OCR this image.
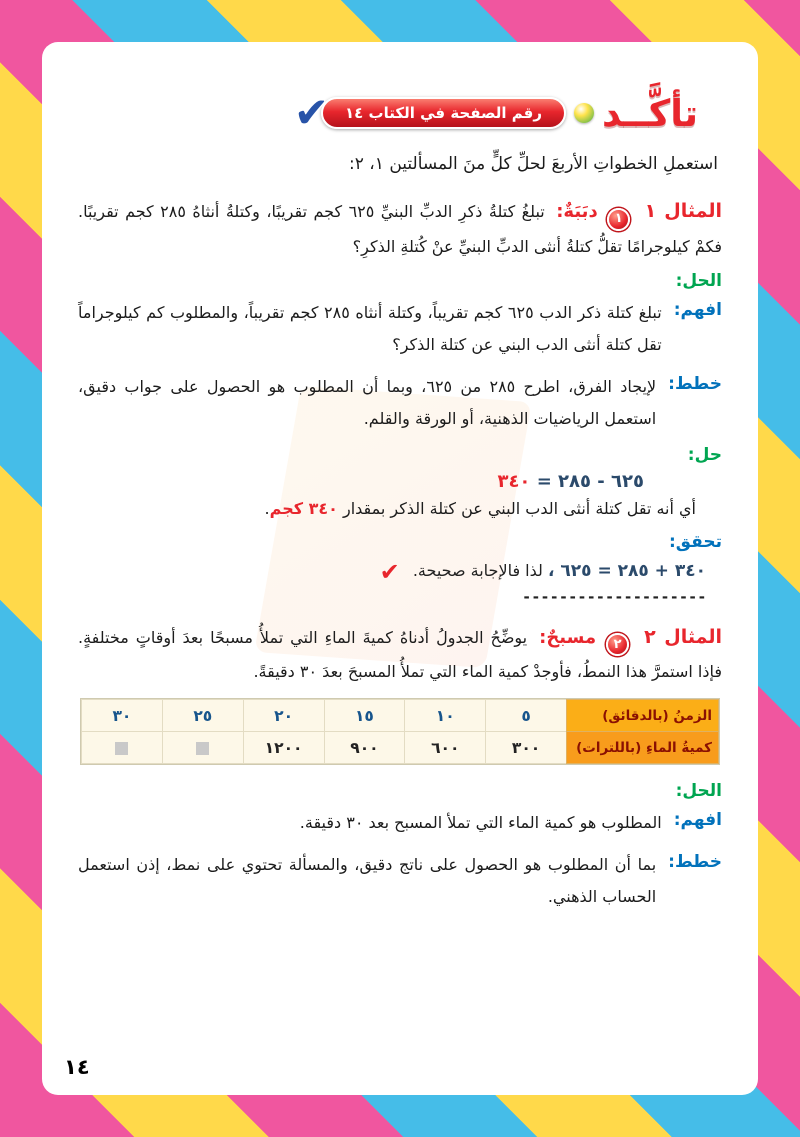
تأكَّــد
رقم الصفحة في الكتاب ١٤
✔

استعملِ الخطواتِ الأربعَ لحلِّ كلٍّ منَ المسألتين ١، ٢:

المثال ١ ١ دبَبَةٌ: تبلغُ كتلةُ ذكرِ الدبِّ البنيِّ ٦٢٥ كجم تقريبًا، وكتلةُ أنثاهُ ٢٨٥ كجم تقريبًا. فكمْ كيلوجرامًا تقلُّ كتلةُ أنثى الدبِّ البنيِّ عنْ كُتلةِ الذكرِ؟

الحل:
افهم:

تبلغ كتلة ذكر الدب ٦٢٥ كجم تقريباً، وكتلة أنثاه ٢٨٥ كجم تقريباً، والمطلوب كم كيلوجراماً تقل كتلة أنثى الدب البني عن كتلة الذكر؟

خطط:

لإيجاد الفرق، اطرح ٢٨٥ من ٦٢٥، وبما أن المطلوب هو الحصول على جواب دقيق، استعمل الرياضيات الذهنية، أو الورقة والقلم.

حل:
٦٢٥ - ٢٨٥ = ٣٤٠
أي أنه تقل كتلة أنثى الدب البني عن كتلة الذكر بمقدار ٣٤٠ كجم.
تحقق:
٣٤٠ + ٢٨٥ = ٦٢٥ ، لذا فالإجابة صحيحة. ✔
--------------------

المثال ٢ ٢ مسبحٌ: يوضِّحُ الجدولُ أدناهُ كميةَ الماءِ التي تملأُ مسبحًا بعدَ أوقاتٍ مختلفةٍ. فإذا استمرَّ هذا النمطُ، فأوجدْ كمية الماء التي تملأُ المسبحَ بعدَ ٣٠ دقيقةً.

الزمنُ (بالدقائق)	٥	١٠	١٥	٢٠	٢٥	٣٠
كميةُ الماءِ (باللترات)	٣٠٠	٦٠٠	٩٠٠	١٢٠٠		
الحل:
افهم:

المطلوب هو كمية الماء التي تملأ المسبح بعد ٣٠ دقيقة.

خطط:

بما أن المطلوب هو الحصول على ناتج دقيق، والمسألة تحتوي على نمط، إذن استعمل الحساب الذهني.

١٤
